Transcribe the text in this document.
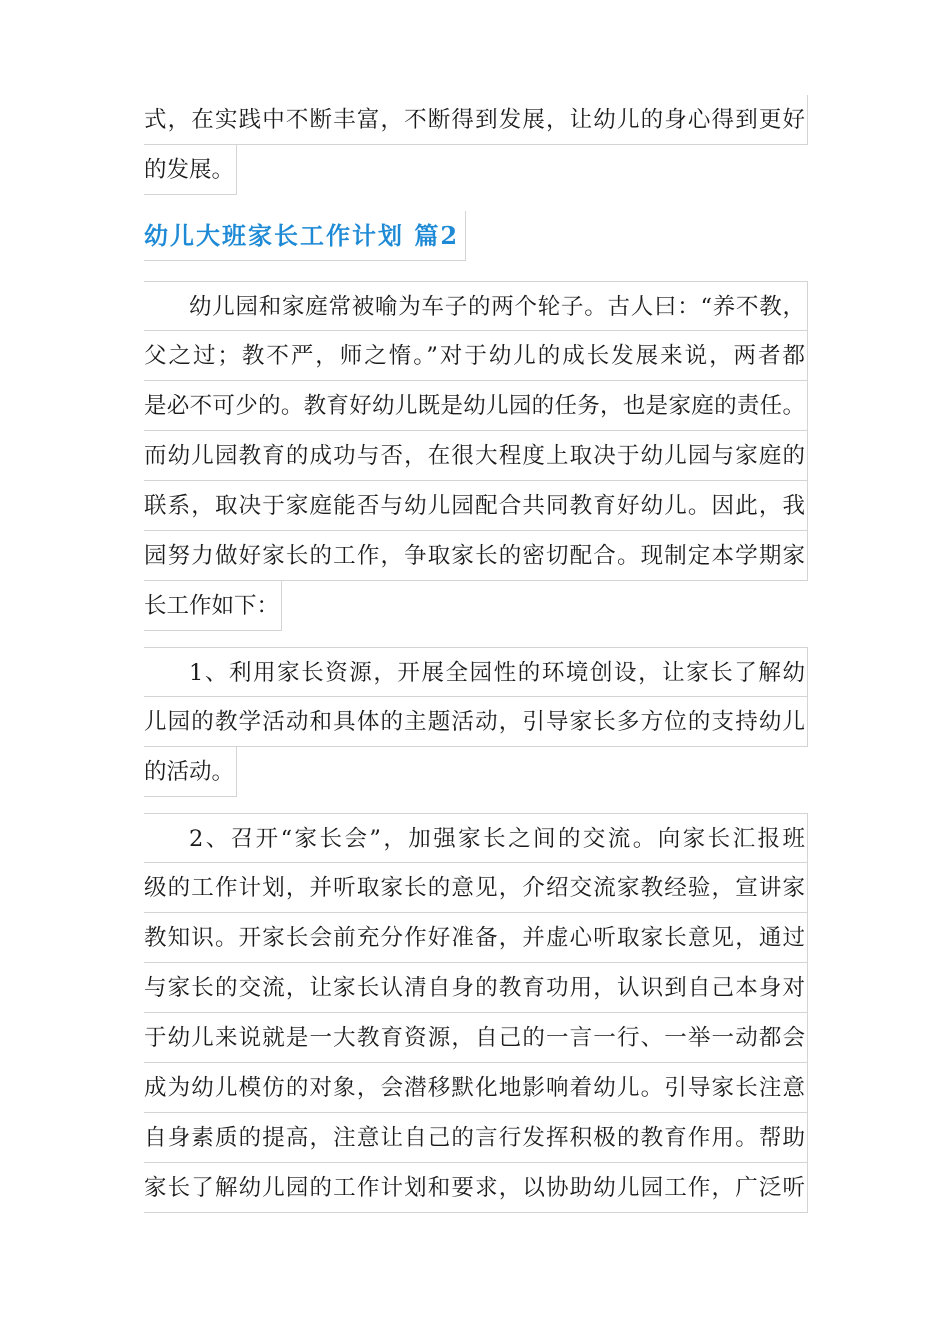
式，在实践中不断丰富，不断得到发展，让幼儿的身心得到更好
的发展。
幼儿大班家长工作计划 篇2
幼儿园和家庭常被喻为车子的两个轮子。古人曰：“养不教，
父之过；教不严，师之惰。”对于幼儿的成长发展来说，两者都
是必不可少的。教育好幼儿既是幼儿园的任务，也是家庭的责任。
而幼儿园教育的成功与否，在很大程度上取决于幼儿园与家庭的
联系，取决于家庭能否与幼儿园配合共同教育好幼儿。因此，我
园努力做好家长的工作，争取家长的密切配合。现制定本学期家
长工作如下：
1、利用家长资源，开展全园性的环境创设，让家长了解幼
儿园的教学活动和具体的主题活动，引导家长多方位的支持幼儿
的活动。
2、召开“家长会”，加强家长之间的交流。向家长汇报班
级的工作计划，并听取家长的意见，介绍交流家教经验，宣讲家
教知识。开家长会前充分作好准备，并虚心听取家长意见，通过
与家长的交流，让家长认清自身的教育功用，认识到自己本身对
于幼儿来说就是一大教育资源，自己的一言一行、一举一动都会
成为幼儿模仿的对象，会潜移默化地影响着幼儿。引导家长注意
自身素质的提高，注意让自己的言行发挥积极的教育作用。帮助
家长了解幼儿园的工作计划和要求，以协助幼儿园工作，广泛听
